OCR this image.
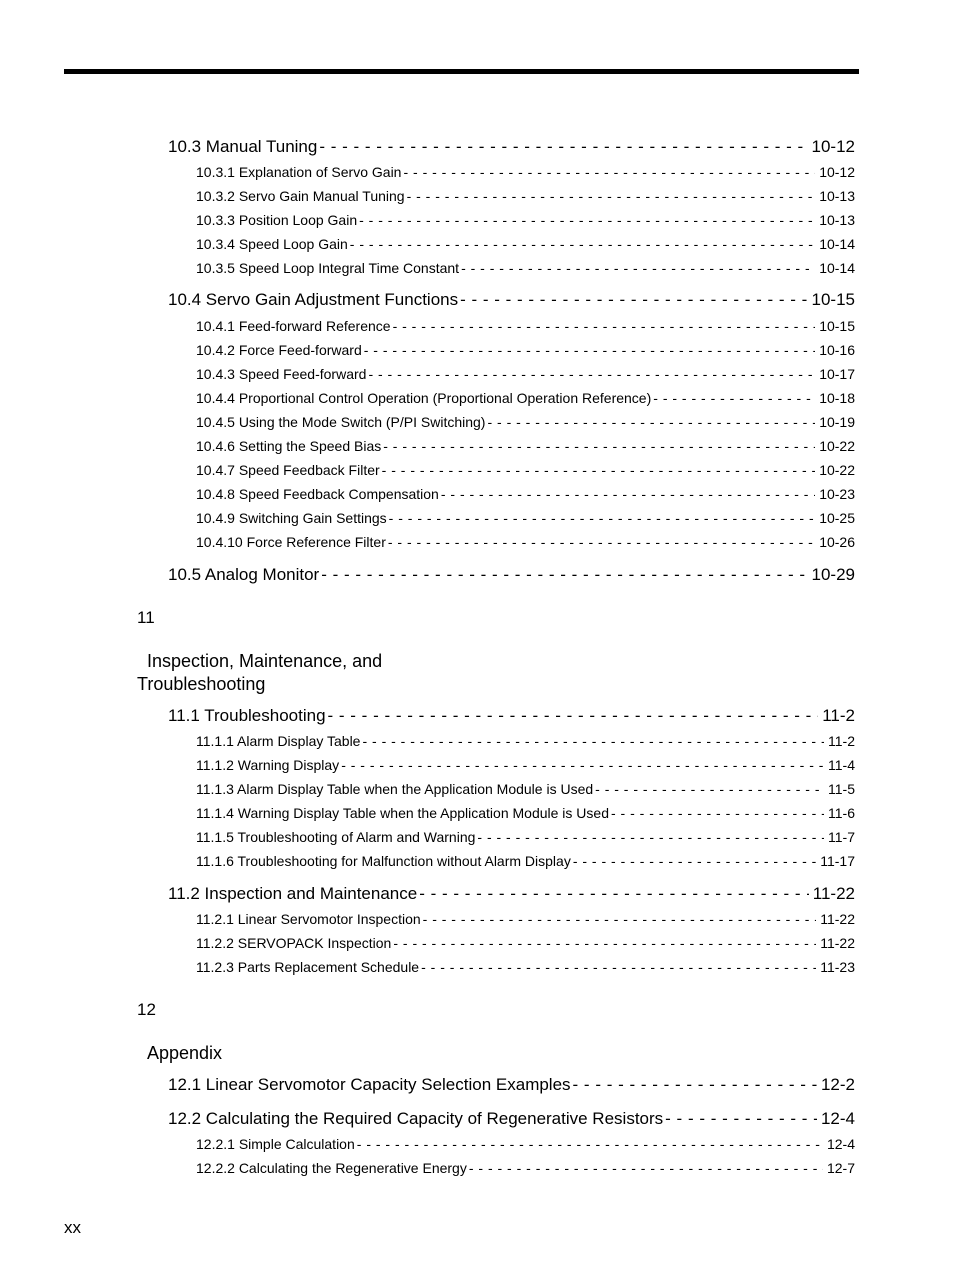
10.3 Manual Tuning - - -	10-12
10.3.1 Explanation of Servo Gain - - -	10-12
10.3.2 Servo Gain Manual Tuning - - -	10-13
10.3.3 Position Loop Gain - - -	10-13
10.3.4 Speed Loop Gain - - -	10-14
10.3.5 Speed Loop Integral Time Constant - - -	10-14
10.4 Servo Gain Adjustment Functions - - -	10-15
10.4.1 Feed-forward Reference - - -	10-15
10.4.2 Force Feed-forward - - -	10-16
10.4.3 Speed Feed-forward - - -	10-17
10.4.4 Proportional Control Operation (Proportional Operation Reference) - - -	10-18
10.4.5 Using the Mode Switch (P/PI Switching) - - -	10-19
10.4.6 Setting the Speed Bias - - -	10-22
10.4.7 Speed Feedback Filter - - -	10-22
10.4.8 Speed Feedback Compensation - - -	10-23
10.4.9 Switching Gain Settings - - -	10-25
10.4.10 Force Reference Filter - - -	10-26
10.5 Analog Monitor - - -	10-29
11
Inspection, Maintenance, and
Troubleshooting
11.1 Troubleshooting - - -	11-2
11.1.1 Alarm Display Table - - -	11-2
11.1.2 Warning Display - - -	11-4
11.1.3 Alarm Display Table when the Application Module is Used - - -	11-5
11.1.4 Warning Display Table when the Application Module is Used - - -	11-6
11.1.5 Troubleshooting of Alarm and Warning - - -	11-7
11.1.6 Troubleshooting for Malfunction without Alarm Display - - -	11-17
11.2 Inspection and Maintenance - - -	11-22
11.2.1 Linear Servomotor Inspection - - -	11-22
11.2.2 SERVOPACK Inspection - - -	11-22
11.2.3 Parts Replacement Schedule - - -	11-23
12
Appendix
12.1 Linear Servomotor Capacity Selection Examples - - -	12-2
12.2 Calculating the Required Capacity of Regenerative Resistors - - -	12-4
12.2.1 Simple Calculation - - -	12-4
12.2.2 Calculating the Regenerative Energy - - -	12-7
xx
